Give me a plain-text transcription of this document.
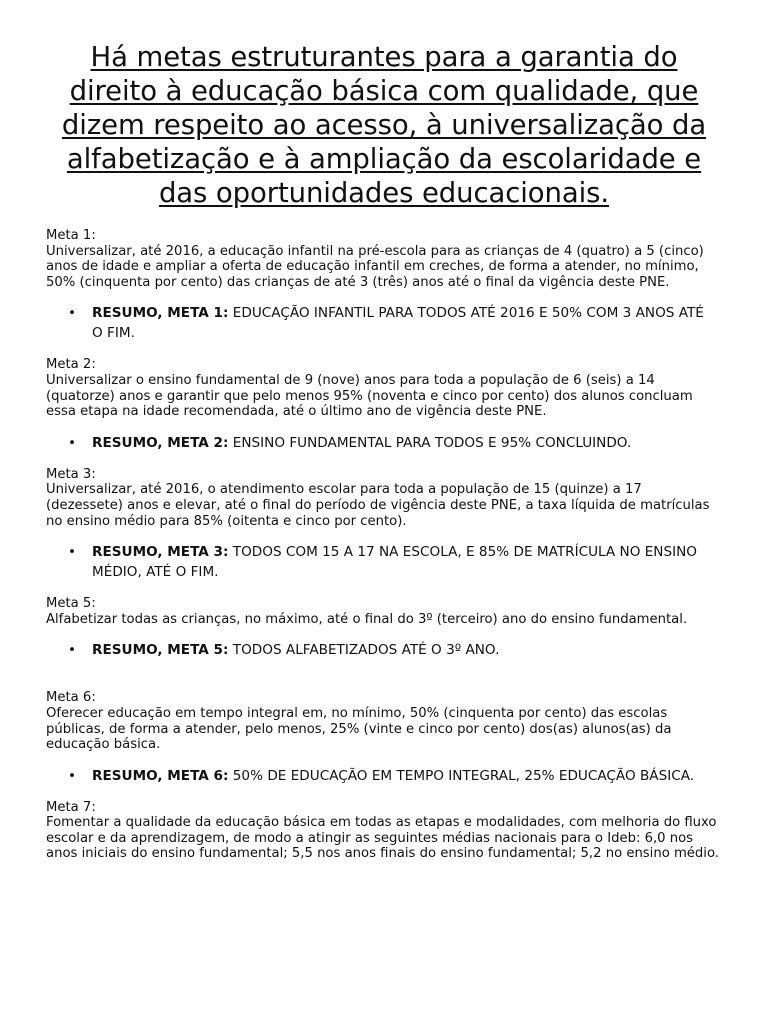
Há metas estruturantes para a garantia do direito à educação básica com qualidade, que dizem respeito ao acesso, à universalização da alfabetização e à ampliação da escolaridade e das oportunidades educacionais.
Meta 1:
Universalizar, até 2016, a educação infantil na pré-escola para as crianças de 4 (quatro) a 5 (cinco) anos de idade e ampliar a oferta de educação infantil em creches, de forma a atender, no mínimo, 50% (cinquenta por cento) das crianças de até 3 (três) anos até o final da vigência deste PNE.
• RESUMO, META 1: EDUCAÇÃO INFANTIL PARA TODOS ATÉ 2016 E 50% COM 3 ANOS ATÉ O FIM.
Meta 2:
Universalizar o ensino fundamental de 9 (nove) anos para toda a população de 6 (seis) a 14 (quatorze) anos e garantir que pelo menos 95% (noventa e cinco por cento) dos alunos concluam essa etapa na idade recomendada, até o último ano de vigência deste PNE.
• RESUMO, META 2: ENSINO FUNDAMENTAL PARA TODOS E 95% CONCLUINDO.
Meta 3:
Universalizar, até 2016, o atendimento escolar para toda a população de 15 (quinze) a 17 (dezessete) anos e elevar, até o final do período de vigência deste PNE, a taxa líquida de matrículas no ensino médio para 85% (oitenta e cinco por cento).
• RESUMO, META 3: TODOS COM 15 A 17 NA ESCOLA, E 85% DE MATRÍCULA NO ENSINO MÉDIO, ATÉ O FIM.
Meta 5:
Alfabetizar todas as crianças, no máximo, até o final do 3º (terceiro) ano do ensino fundamental.
• RESUMO, META 5: TODOS ALFABETIZADOS ATÉ O 3º ANO.
Meta 6:
Oferecer educação em tempo integral em, no mínimo, 50% (cinquenta por cento) das escolas públicas, de forma a atender, pelo menos, 25% (vinte e cinco por cento) dos(as) alunos(as) da educação básica.
• RESUMO, META 6: 50% DE EDUCAÇÃO EM TEMPO INTEGRAL, 25% EDUCAÇÃO BÁSICA.
Meta 7:
Fomentar a qualidade da educação básica em todas as etapas e modalidades, com melhoria do fluxo escolar e da aprendizagem, de modo a atingir as seguintes médias nacionais para o Ideb: 6,0 nos anos iniciais do ensino fundamental; 5,5 nos anos finais do ensino fundamental; 5,2 no ensino médio.
